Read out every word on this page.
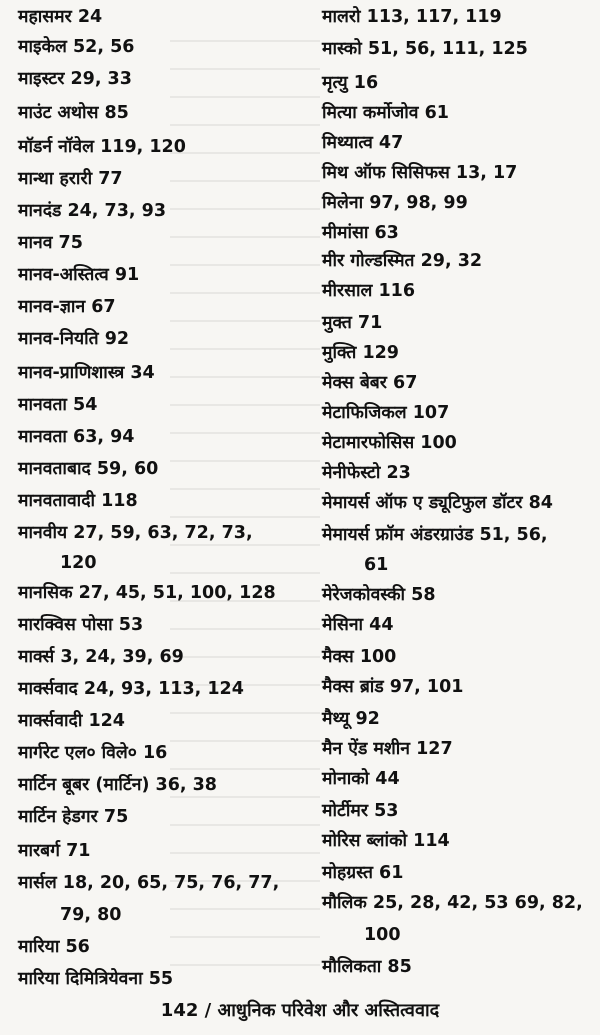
महासमर 24
माइकेल 52, 56
माइस्टर 29, 33
माउंट अथोस 85
मॉडर्न नॉवेल 119, 120
मान्था हरारी 77
मानदंड 24, 73, 93
मानव 75
मानव-अस्तित्व 91
मानव-ज्ञान 67
मानव-नियति 92
मानव-प्राणिशास्त्र 34
मानवता 54
मानवता 63, 94
मानवताबाद 59, 60
मानवतावादी 118
मानवीय 27, 59, 63, 72, 73,
120
मानसिक 27, 45, 51, 100, 128
मारक्विस पोसा 53
मार्क्स 3, 24, 39, 69
मार्क्सवाद 24, 93, 113, 124
मार्क्सवादी 124
मार्गरेट एल० विले० 16
मार्टिन बूबर (मार्टिन) 36, 38
मार्टिन हेडगर 75
मारबर्ग 71
मार्सल 18, 20, 65, 75, 76, 77,
79, 80
मारिया 56
मारिया दिमित्रियेवना 55
मालरो 113, 117, 119
मास्को 51, 56, 111, 125
मृत्यु 16
मित्या कर्मोजोव 61
मिथ्यात्व 47
मिथ ऑफ सिसिफस 13, 17
मिलेना 97, 98, 99
मीमांसा 63
मीर गोल्डस्मित 29, 32
मीरसाल 116
मुक्त 71
मुक्ति 129
मेक्स बेबर 67
मेटाफिजिकल 107
मेटामारफोसिस 100
मेनीफेस्टो 23
मेमायर्स ऑफ ए ड्यूटिफुल डॉटर 84
मेमायर्स फ्रॉम अंडरग्राउंड 51, 56,
61
मेरेजकोवस्की 58
मेसिना 44
मैक्स 100
मैक्स ब्रांड 97, 101
मैथ्यू 92
मैन ऐंड मशीन 127
मोनाको 44
मोर्टीमर 53
मोरिस ब्लांको 114
मोहग्रस्त 61
मौलिक 25, 28, 42, 53 69, 82,
100
मौलिकता 85
142 / आधुनिक परिवेश और अस्तित्ववाद
